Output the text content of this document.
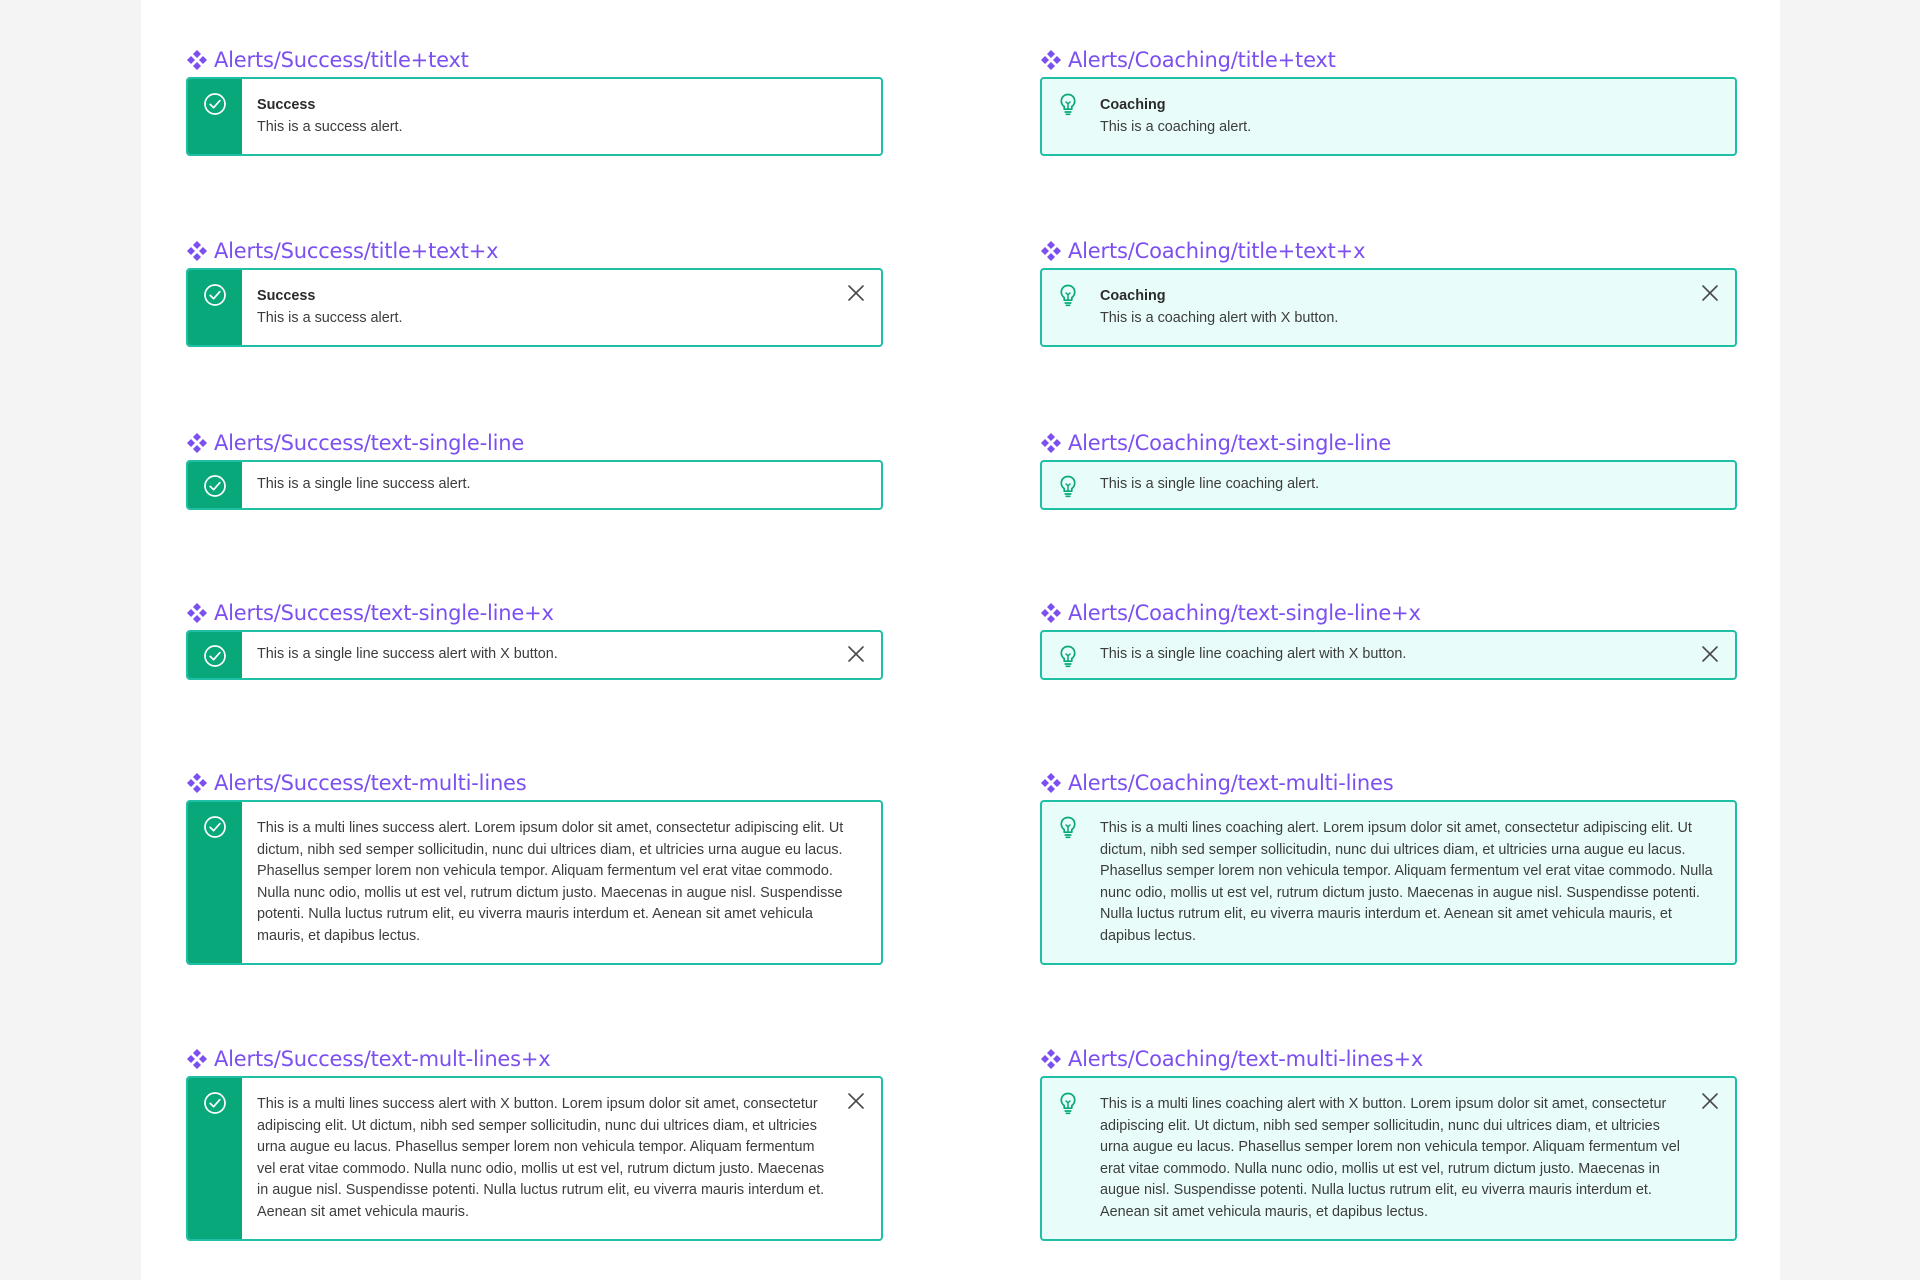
Alerts/Success/title+text
Success
This is a success alert.
Alerts/Success/title+text+x
Success
This is a success alert.
Alerts/Success/text-single-line
This is a single line success alert.
Alerts/Success/text-single-line+x
This is a single line success alert with X button.
Alerts/Success/text-multi-lines
This is a multi lines success alert. Lorem ipsum dolor sit amet, consectetur adipiscing elit. Ut dictum, nibh sed semper sollicitudin, nunc dui ultrices diam, et ultricies urna augue eu lacus. Phasellus semper lorem non vehicula tempor. Aliquam fermentum vel erat vitae commodo. Nulla nunc odio, mollis ut est vel, rutrum dictum justo. Maecenas in augue nisl. Suspendisse potenti. Nulla luctus rutrum elit, eu viverra mauris interdum et. Aenean sit amet vehicula mauris, et dapibus lectus.
Alerts/Success/text-mult-lines+x
This is a multi lines success alert with X button. Lorem ipsum dolor sit amet, consectetur adipiscing elit. Ut dictum, nibh sed semper sollicitudin, nunc dui ultrices diam, et ultricies urna augue eu lacus. Phasellus semper lorem non vehicula tempor. Aliquam fermentum vel erat vitae commodo. Nulla nunc odio, mollis ut est vel, rutrum dictum justo. Maecenas in augue nisl. Suspendisse potenti. Nulla luctus rutrum elit, eu viverra mauris interdum et. Aenean sit amet vehicula mauris.
Alerts/Coaching/title+text
Coaching
This is a coaching alert.
Alerts/Coaching/title+text+x
Coaching
This is a coaching alert with X button.
Alerts/Coaching/text-single-line
This is a single line coaching alert.
Alerts/Coaching/text-single-line+x
This is a single line coaching alert with X button.
Alerts/Coaching/text-multi-lines
This is a multi lines coaching alert. Lorem ipsum dolor sit amet, consectetur adipiscing elit. Ut dictum, nibh sed semper sollicitudin, nunc dui ultrices diam, et ultricies urna augue eu lacus. Phasellus semper lorem non vehicula tempor. Aliquam fermentum vel erat vitae commodo. Nulla nunc odio, mollis ut est vel, rutrum dictum justo. Maecenas in augue nisl. Suspendisse potenti. Nulla luctus rutrum elit, eu viverra mauris interdum et. Aenean sit amet vehicula mauris, et dapibus lectus.
Alerts/Coaching/text-multi-lines+x
This is a multi lines coaching alert with X button. Lorem ipsum dolor sit amet, consectetur adipiscing elit. Ut dictum, nibh sed semper sollicitudin, nunc dui ultrices diam, et ultricies urna augue eu lacus. Phasellus semper lorem non vehicula tempor. Aliquam fermentum vel erat vitae commodo. Nulla nunc odio, mollis ut est vel, rutrum dictum justo. Maecenas in augue nisl. Suspendisse potenti. Nulla luctus rutrum elit, eu viverra mauris interdum et. Aenean sit amet vehicula mauris, et dapibus lectus.
